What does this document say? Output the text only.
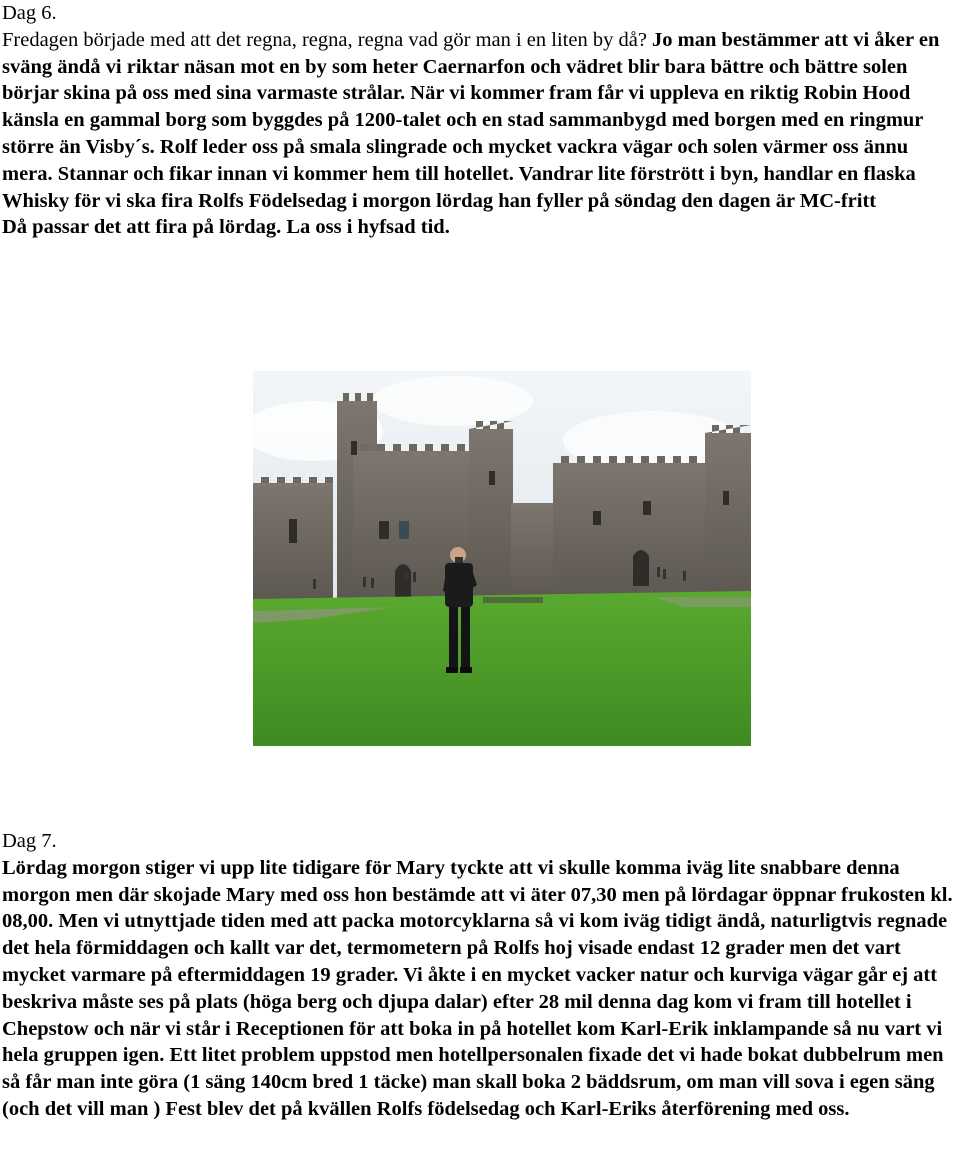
Dag 6.

Fredagen började med att det regna, regna, regna vad gör man i en liten by då? Jo man bestämmer att vi åker en sväng ändå vi riktar näsan mot en by som heter Caernarfon och vädret blir bara bättre och bättre solen börjar skina på oss med sina varmaste strålar. När vi kommer fram får vi uppleva en riktig Robin Hood känsla en gammal borg som byggdes på 1200-talet och en stad sammanbygd med borgen med en ringmur större än Visby´s. Rolf leder oss på smala slingrade och mycket vackra vägar och solen värmer oss ännu mera. Stannar och fikar innan vi kommer hem till hotellet. Vandrar lite förstrött i byn, handlar en flaska Whisky för vi ska fira Rolfs Födelsedag i morgon lördag han fyller på söndag den dagen är MC-fritt

Då passar det att fira på lördag. La oss i hyfsad tid.

Dag 7.

Lördag morgon stiger vi upp lite tidigare för Mary tyckte att vi skulle komma iväg lite snabbare denna morgon men där skojade Mary med oss hon bestämde att vi äter 07,30 men på lördagar öppnar frukosten kl. 08,00. Men vi utnyttjade tiden med att packa motorcyklarna så vi kom iväg tidigt ändå, naturligtvis regnade det hela förmiddagen och kallt var det, termometern på Rolfs hoj visade endast 12 grader men det vart mycket varmare på eftermiddagen 19 grader. Vi åkte i en mycket vacker natur och kurviga vägar går ej att beskriva måste ses på plats (höga berg och djupa dalar) efter 28 mil denna dag kom vi fram till hotellet i Chepstow och när vi står i Receptionen för att boka in på hotellet kom Karl-Erik inklampande så nu vart vi hela gruppen igen. Ett litet problem uppstod men hotellpersonalen fixade det vi hade bokat dubbelrum men så får man inte göra (1 säng 140cm bred 1 täcke) man skall boka 2 bäddsrum, om man vill sova i egen säng (och det vill man ) Fest blev det på kvällen Rolfs födelsedag och Karl-Eriks återförening med oss.
